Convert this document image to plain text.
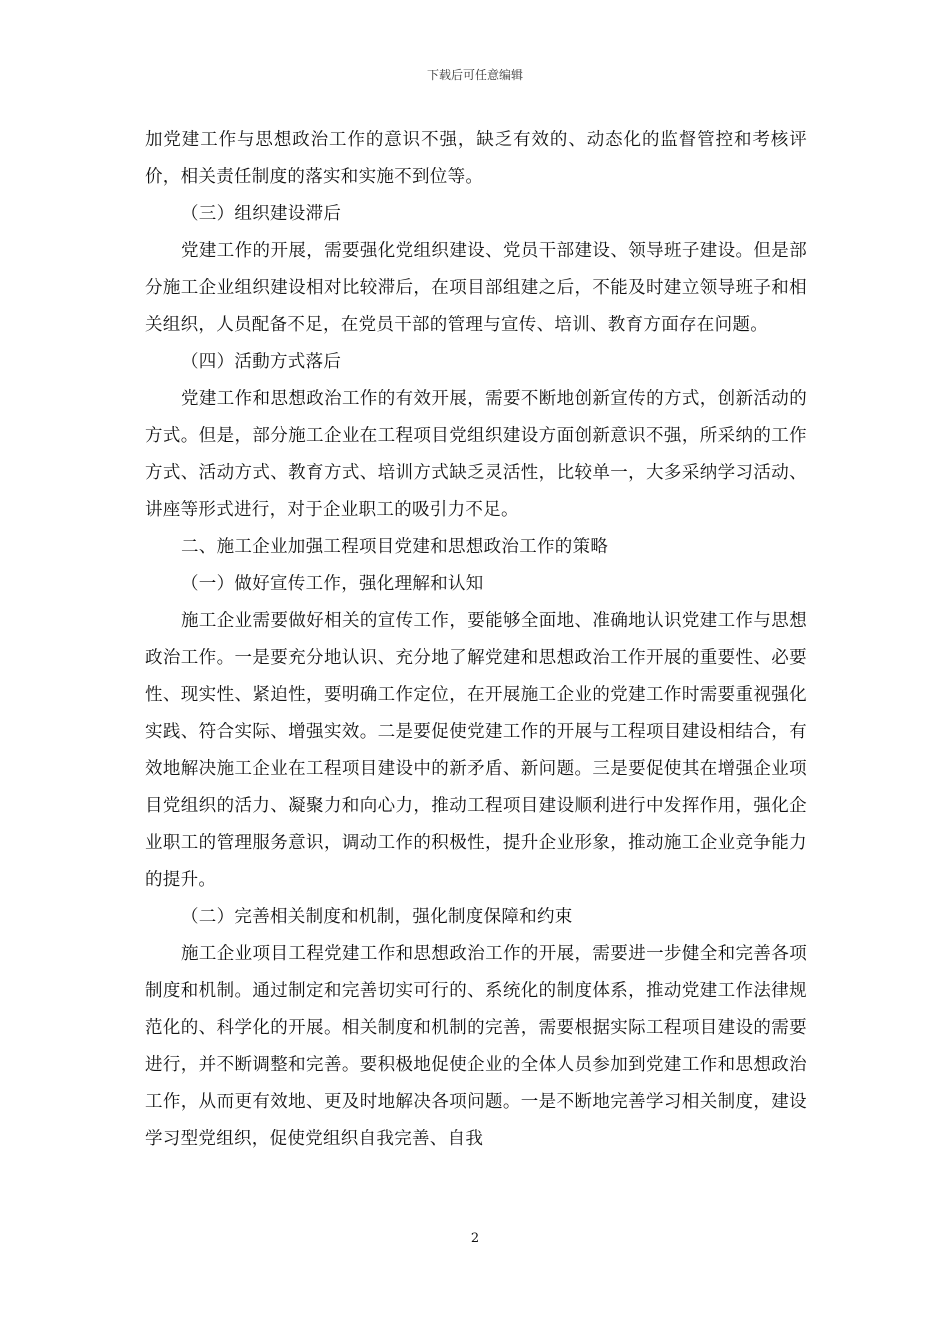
下载后可任意编辑

加党建工作与思想政治工作的意识不强，缺乏有效的、动态化的监督管控和考核评价，相关责任制度的落实和实施不到位等。

（三）组织建设滞后

党建工作的开展，需要强化党组织建设、党员干部建设、领导班子建设。但是部分施工企业组织建设相对比较滞后，在项目部组建之后，不能及时建立领导班子和相关组织，人员配备不足，在党员干部的管理与宣传、培训、教育方面存在问题。

（四）活動方式落后

党建工作和思想政治工作的有效开展，需要不断地创新宣传的方式，创新活动的方式。但是，部分施工企业在工程项目党组织建设方面创新意识不强，所采纳的工作方式、活动方式、教育方式、培训方式缺乏灵活性，比较单一，大多采纳学习活动、讲座等形式进行，对于企业职工的吸引力不足。

二、施工企业加强工程项目党建和思想政治工作的策略

（一）做好宣传工作，强化理解和认知

施工企业需要做好相关的宣传工作，要能够全面地、准确地认识党建工作与思想政治工作。一是要充分地认识、充分地了解党建和思想政治工作开展的重要性、必要性、现实性、紧迫性，要明确工作定位，在开展施工企业的党建工作时需要重视强化实践、符合实际、增强实效。二是要促使党建工作的开展与工程项目建设相结合，有效地解决施工企业在工程项目建设中的新矛盾、新问题。三是要促使其在增强企业项目党组织的活力、凝聚力和向心力，推动工程项目建设顺利进行中发挥作用，强化企业职工的管理服务意识，调动工作的积极性，提升企业形象，推动施工企业竞争能力的提升。

（二）完善相关制度和机制，强化制度保障和约束

施工企业项目工程党建工作和思想政治工作的开展，需要进一步健全和完善各项制度和机制。通过制定和完善切实可行的、系统化的制度体系，推动党建工作法律规范化的、科学化的开展。相关制度和机制的完善，需要根据实际工程项目建设的需要进行，并不断调整和完善。要积极地促使企业的全体人员参加到党建工作和思想政治工作，从而更有效地、更及时地解决各项问题。一是不断地完善学习相关制度，建设学习型党组织，促使党组织自我完善、自我

2
